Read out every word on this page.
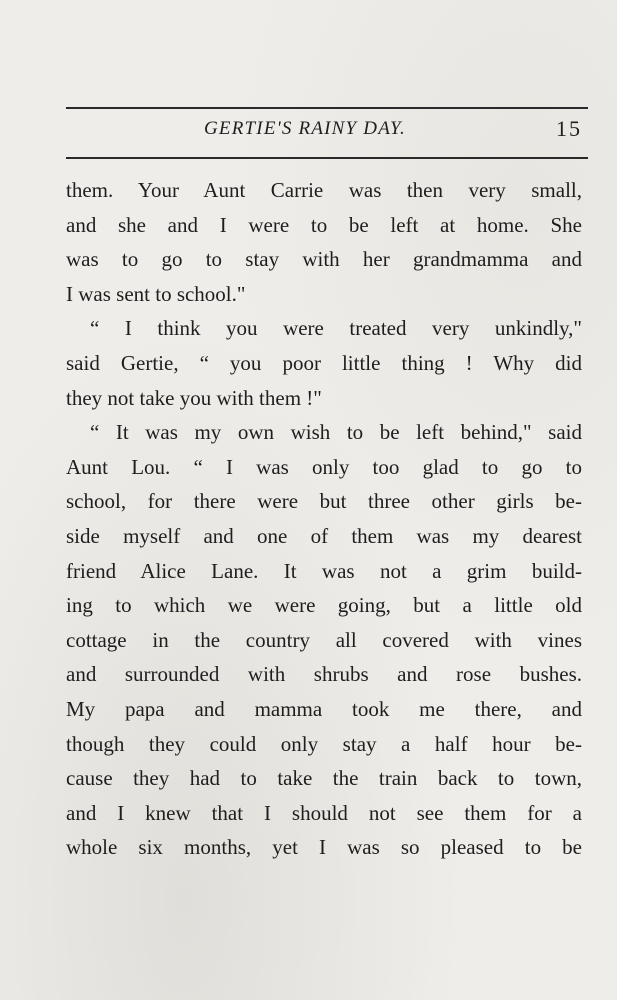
GERTIE'S RAINY DAY.	15
them. Your Aunt Carrie was then very small,
and she and I were to be left at home. She
was to go to stay with her grandmamma and
I was sent to school."
“ I think you were treated very unkindly,"
said Gertie, “ you poor little thing ! Why did
they not take you with them !"
“ It was my own wish to be left behind," said
Aunt Lou. “ I was only too glad to go to
school, for there were but three other girls be-
side myself and one of them was my dearest
friend Alice Lane. It was not a grim build-
ing to which we were going, but a little old
cottage in the country all covered with vines
and surrounded with shrubs and rose bushes.
My papa and mamma took me there, and
though they could only stay a half hour be-
cause they had to take the train back to town,
and I knew that I should not see them for a
whole six months, yet I was so pleased to be
